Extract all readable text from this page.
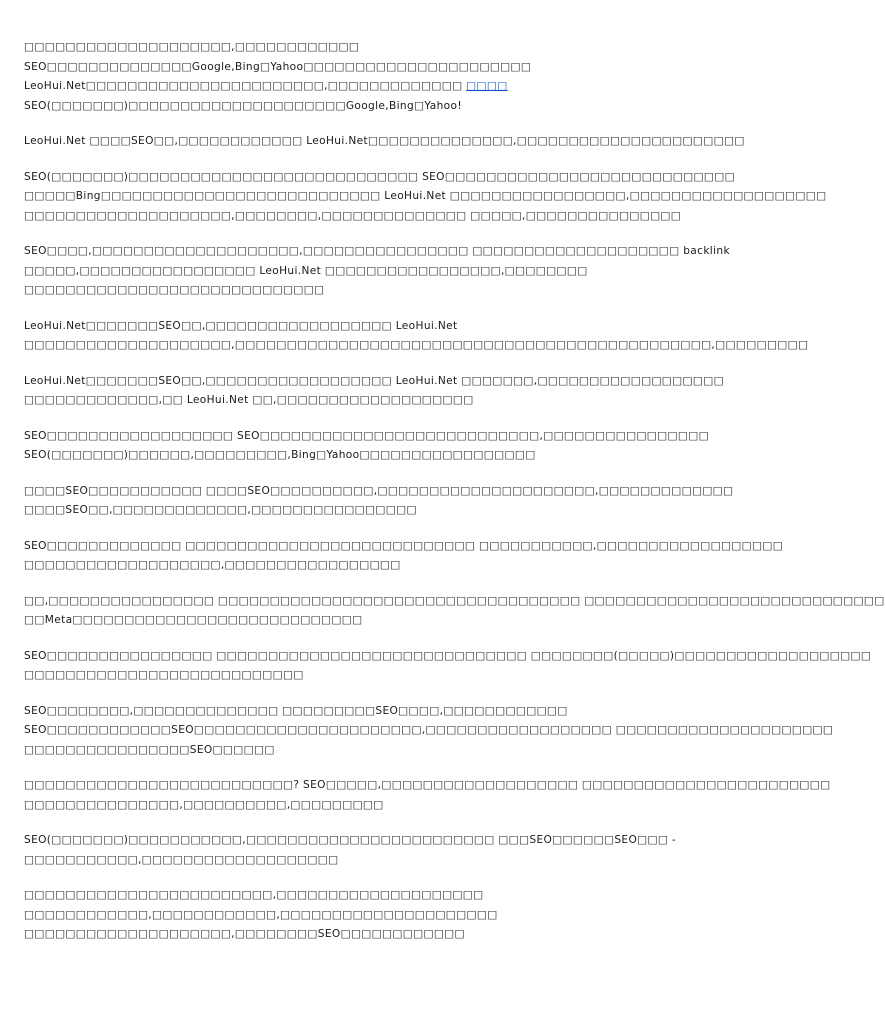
□□□□□□□□□□□□□□□□□□□□,□□□□□□□□□□□□
SEO□□□□□□□□□□□□□□Google,Bing□Yahoo□□□□□□□□□□□□□□□□□□□□□□
LeoHui.Net□□□□□□□□□□□□□□□□□□□□□□□,□□□□□□□□□□□□□ □□□□
SEO(□□□□□□□)□□□□□□□□□□□□□□□□□□□□□Google,Bing□Yahoo!
LeoHui.Net □□□□SEO□□,□□□□□□□□□□□□ LeoHui.Net□□□□□□□□□□□□□□,□□□□□□□□□□□□□□□□□□□□□□
SEO(□□□□□□□)□□□□□□□□□□□□□□□□□□□□□□□□□□□□ SEO□□□□□□□□□□□□□□□□□□□□□□□□□□□□
□□□□□Bing□□□□□□□□□□□□□□□□□□□□□□□□□□□ LeoHui.Net □□□□□□□□□□□□□□□□□,□□□□□□□□□□□□□□□□□□□
□□□□□□□□□□□□□□□□□□□□,□□□□□□□□,□□□□□□□□□□□□□□ □□□□□,□□□□□□□□□□□□□□□
SEO□□□□,□□□□□□□□□□□□□□□□□□□□,□□□□□□□□□□□□□□□□ □□□□□□□□□□□□□□□□□□□□ backlink
□□□□□,□□□□□□□□□□□□□□□□□ LeoHui.Net □□□□□□□□□□□□□□□□□,□□□□□□□□
□□□□□□□□□□□□□□□□□□□□□□□□□□□□□
LeoHui.Net□□□□□□□SEO□□,□□□□□□□□□□□□□□□□□□ LeoHui.Net
□□□□□□□□□□□□□□□□□□□□,□□□□□□□□□□□□□□□□□□□□□□□□□□□□□□□□□□□□□□□□□□□□□□,□□□□□□□□□
LeoHui.Net□□□□□□□SEO□□,□□□□□□□□□□□□□□□□□□ LeoHui.Net □□□□□□□,□□□□□□□□□□□□□□□□□□
□□□□□□□□□□□□□,□□ LeoHui.Net □□,□□□□□□□□□□□□□□□□□□□
SEO□□□□□□□□□□□□□□□□□□ SEO□□□□□□□□□□□□□□□□□□□□□□□□□□□,□□□□□□□□□□□□□□□□
SEO(□□□□□□□)□□□□□□,□□□□□□□□□,Bing□Yahoo□□□□□□□□□□□□□□□□□
□□□□SEO□□□□□□□□□□□ □□□□SEO□□□□□□□□□□,□□□□□□□□□□□□□□□□□□□□□,□□□□□□□□□□□□□
□□□□SEO□□,□□□□□□□□□□□□□,□□□□□□□□□□□□□□□□
SEO□□□□□□□□□□□□□ □□□□□□□□□□□□□□□□□□□□□□□□□□□□ □□□□□□□□□□□,□□□□□□□□□□□□□□□□□□
□□□□□□□□□□□□□□□□□□□,□□□□□□□□□□□□□□□□□
□□,□□□□□□□□□□□□□□□□ □□□□□□□□□□□□□□□□□□□□□□□□□□□□□□□□□□□ □□□□□□□□□□□□□□□□□□□□□□□□□□□□□
□□Meta□□□□□□□□□□□□□□□□□□□□□□□□□□□□
SEO□□□□□□□□□□□□□□□□ □□□□□□□□□□□□□□□□□□□□□□□□□□□□□□ □□□□□□□□(□□□□□)□□□□□□□□□□□□□□□□□□□
□□□□□□□□□□□□□□□□□□□□□□□□□□□
SEO□□□□□□□□,□□□□□□□□□□□□□□ □□□□□□□□□SEO□□□□,□□□□□□□□□□□□
SEO□□□□□□□□□□□□SEO□□□□□□□□□□□□□□□□□□□□□□,□□□□□□□□□□□□□□□□□□ □□□□□□□□□□□□□□□□□□□□□
□□□□□□□□□□□□□□□□SEO□□□□□□
□□□□□□□□□□□□□□□□□□□□□□□□□□? SEO□□□□□,□□□□□□□□□□□□□□□□□□□ □□□□□□□□□□□□□□□□□□□□□□□□
□□□□□□□□□□□□□□□,□□□□□□□□□□,□□□□□□□□□
SEO(□□□□□□□)□□□□□□□□□□□,□□□□□□□□□□□□□□□□□□□□□□□□ □□□SEO□□□□□□SEO□□□ -
□□□□□□□□□□□,□□□□□□□□□□□□□□□□□□□
□□□□□□□□□□□□□□□□□□□□□□□□,□□□□□□□□□□□□□□□□□□□□
□□□□□□□□□□□□,□□□□□□□□□□□□,□□□□□□□□□□□□□□□□□□□□□
□□□□□□□□□□□□□□□□□□□□,□□□□□□□□SEO□□□□□□□□□□□□
